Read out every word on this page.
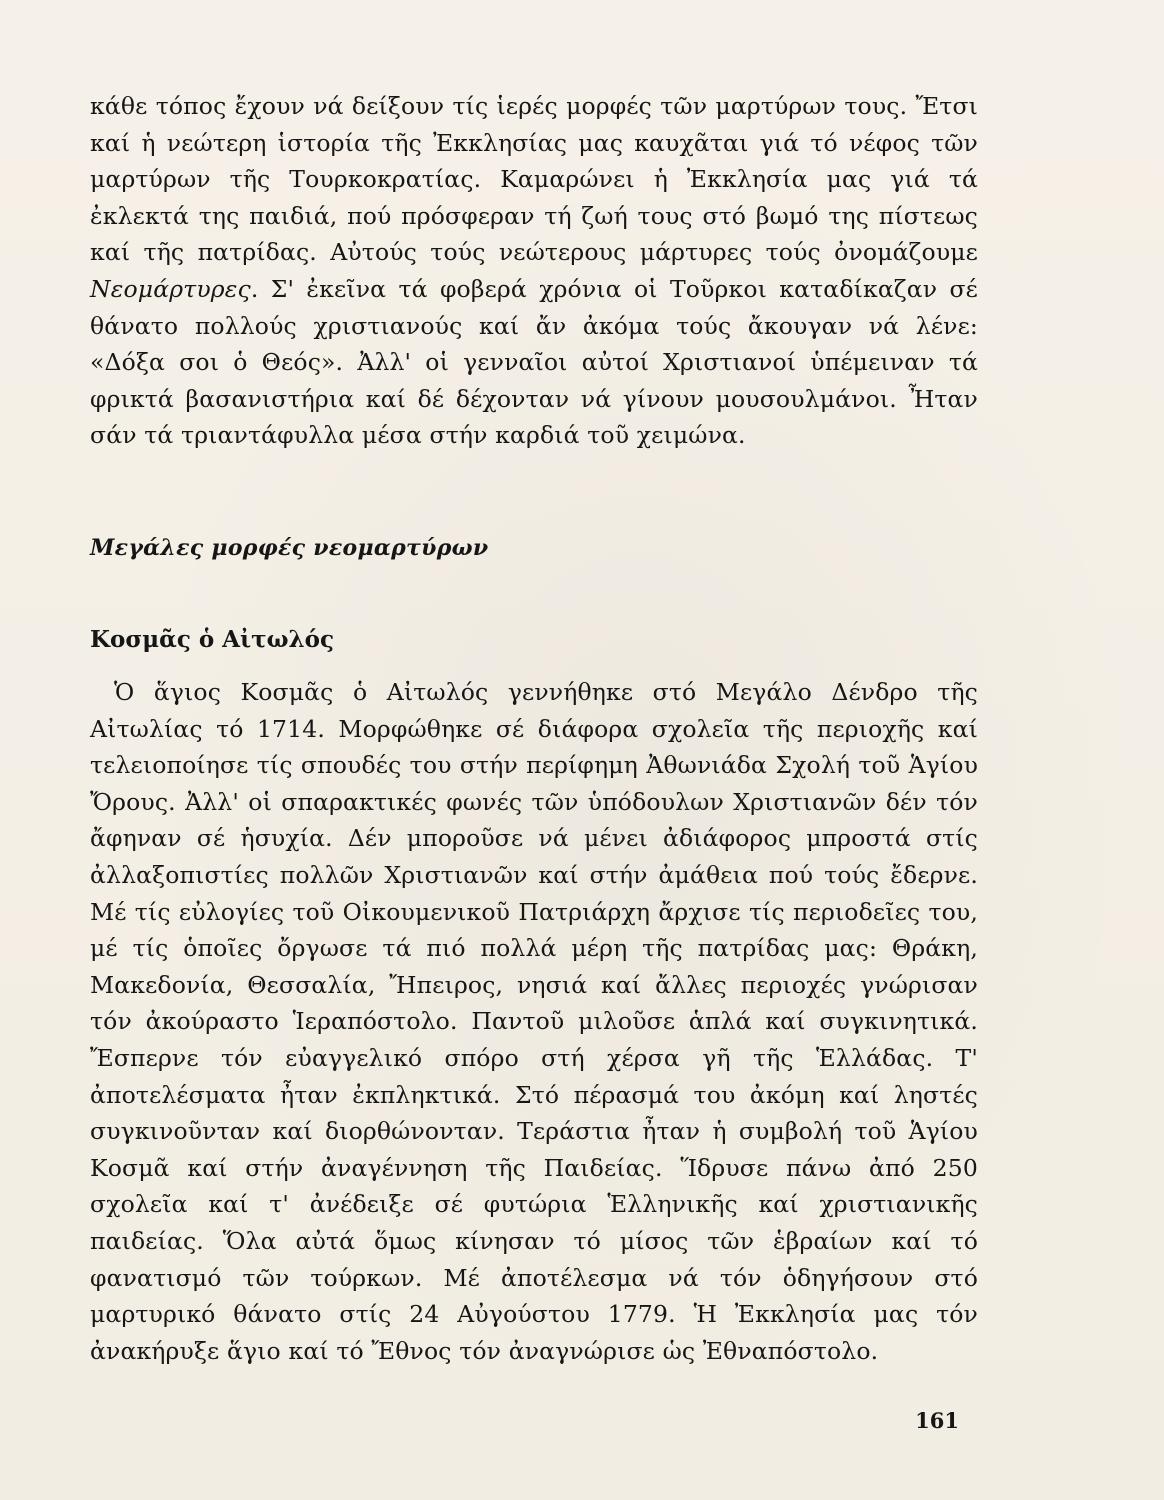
κάθε τόπος ἔχουν νά δείξουν τίς ἱερές μορφές τῶν μαρτύρων τους. Ἔτσι καί ἡ νεώτερη ἱστορία τῆς Ἐκκλησίας μας καυχᾶται γιά τό νέφος τῶν μαρτύρων τῆς Τουρκοκρατίας. Καμαρώνει ἡ Ἐκκλησία μας γιά τά ἐκλεκτά της παιδιά, πού πρόσφεραν τή ζωή τους στό βωμό της πίστεως καί τῆς πατρίδας. Αὐτούς τούς νεώτερους μάρτυρες τούς ὀνομάζουμε Νεομάρτυρες. Σ' ἐκεῖνα τά φοβερά χρόνια οἱ Τοῦρκοι καταδίκαζαν σέ θάνατο πολλούς χριστιανούς καί ἄν ἀκόμα τούς ἄκουγαν νά λένε: «Δόξα σοι ὁ Θεός». Ἀλλ' οἱ γενναῖοι αὐτοί Χριστιανοί ὑπέμειναν τά φρικτά βασανιστήρια καί δέ δέχονταν νά γίνουν μουσουλμάνοι. Ἦταν σάν τά τριαντάφυλλα μέσα στήν καρδιά τοῦ χειμώνα.

Μεγάλες μορφές νεομαρτύρων
Κοσμᾶς ὁ Αἰτωλός

Ὁ ἅγιος Κοσμᾶς ὁ Αἰτωλός γεννήθηκε στό Μεγάλο Δένδρο τῆς Αἰτωλίας τό 1714. Μορφώθηκε σέ διάφορα σχολεῖα τῆς περιοχῆς καί τελειοποίησε τίς σπουδές του στήν περίφημη Ἀθωνιάδα Σχολή τοῦ Ἁγίου Ὄρους. Ἀλλ' οἱ σπαρακτικές φωνές τῶν ὑπόδουλων Χριστιανῶν δέν τόν ἄφηναν σέ ἡσυχία. Δέν μποροῦσε νά μένει ἀδιάφορος μπροστά στίς ἀλλαξοπιστίες πολλῶν Χριστιανῶν καί στήν ἀμάθεια πού τούς ἔδερνε. Μέ τίς εὐλογίες τοῦ Οἰκουμενικοῦ Πατριάρχη ἄρχισε τίς περιοδεῖες του, μέ τίς ὁποῖες ὄργωσε τά πιό πολλά μέρη τῆς πατρίδας μας: Θράκη, Μακεδονία, Θεσσαλία, Ἤπειρος, νησιά καί ἄλλες περιοχές γνώρισαν τόν ἀκούραστο Ἱεραπόστολο. Παντοῦ μιλοῦσε ἁπλά καί συγκινητικά. Ἔσπερνε τόν εὐαγγελικό σπόρο στή χέρσα γῆ τῆς Ἑλλάδας. Τ' ἀποτελέσματα ἦταν ἐκπληκτικά. Στό πέρασμά του ἀκόμη καί ληστές συγκινοῦνταν καί διορθώνονταν. Τεράστια ἦταν ἡ συμβολή τοῦ Ἁγίου Κοσμᾶ καί στήν ἀναγέννηση τῆς Παιδείας. Ἵδρυσε πάνω ἀπό 250 σχολεῖα καί τ' ἀνέδειξε σέ φυτώρια Ἑλληνικῆς καί χριστιανικῆς παιδείας. Ὅλα αὐτά ὅμως κίνησαν τό μίσος τῶν ἑβραίων καί τό φανατισμό τῶν τούρκων. Μέ ἀποτέλεσμα νά τόν ὁδηγήσουν στό μαρτυρικό θάνατο στίς 24 Αὐγούστου 1779. Ἡ Ἐκκλησία μας τόν ἀνακήρυξε ἅγιο καί τό Ἔθνος τόν ἀναγνώρισε ὡς Ἐθναπόστολο.

161
